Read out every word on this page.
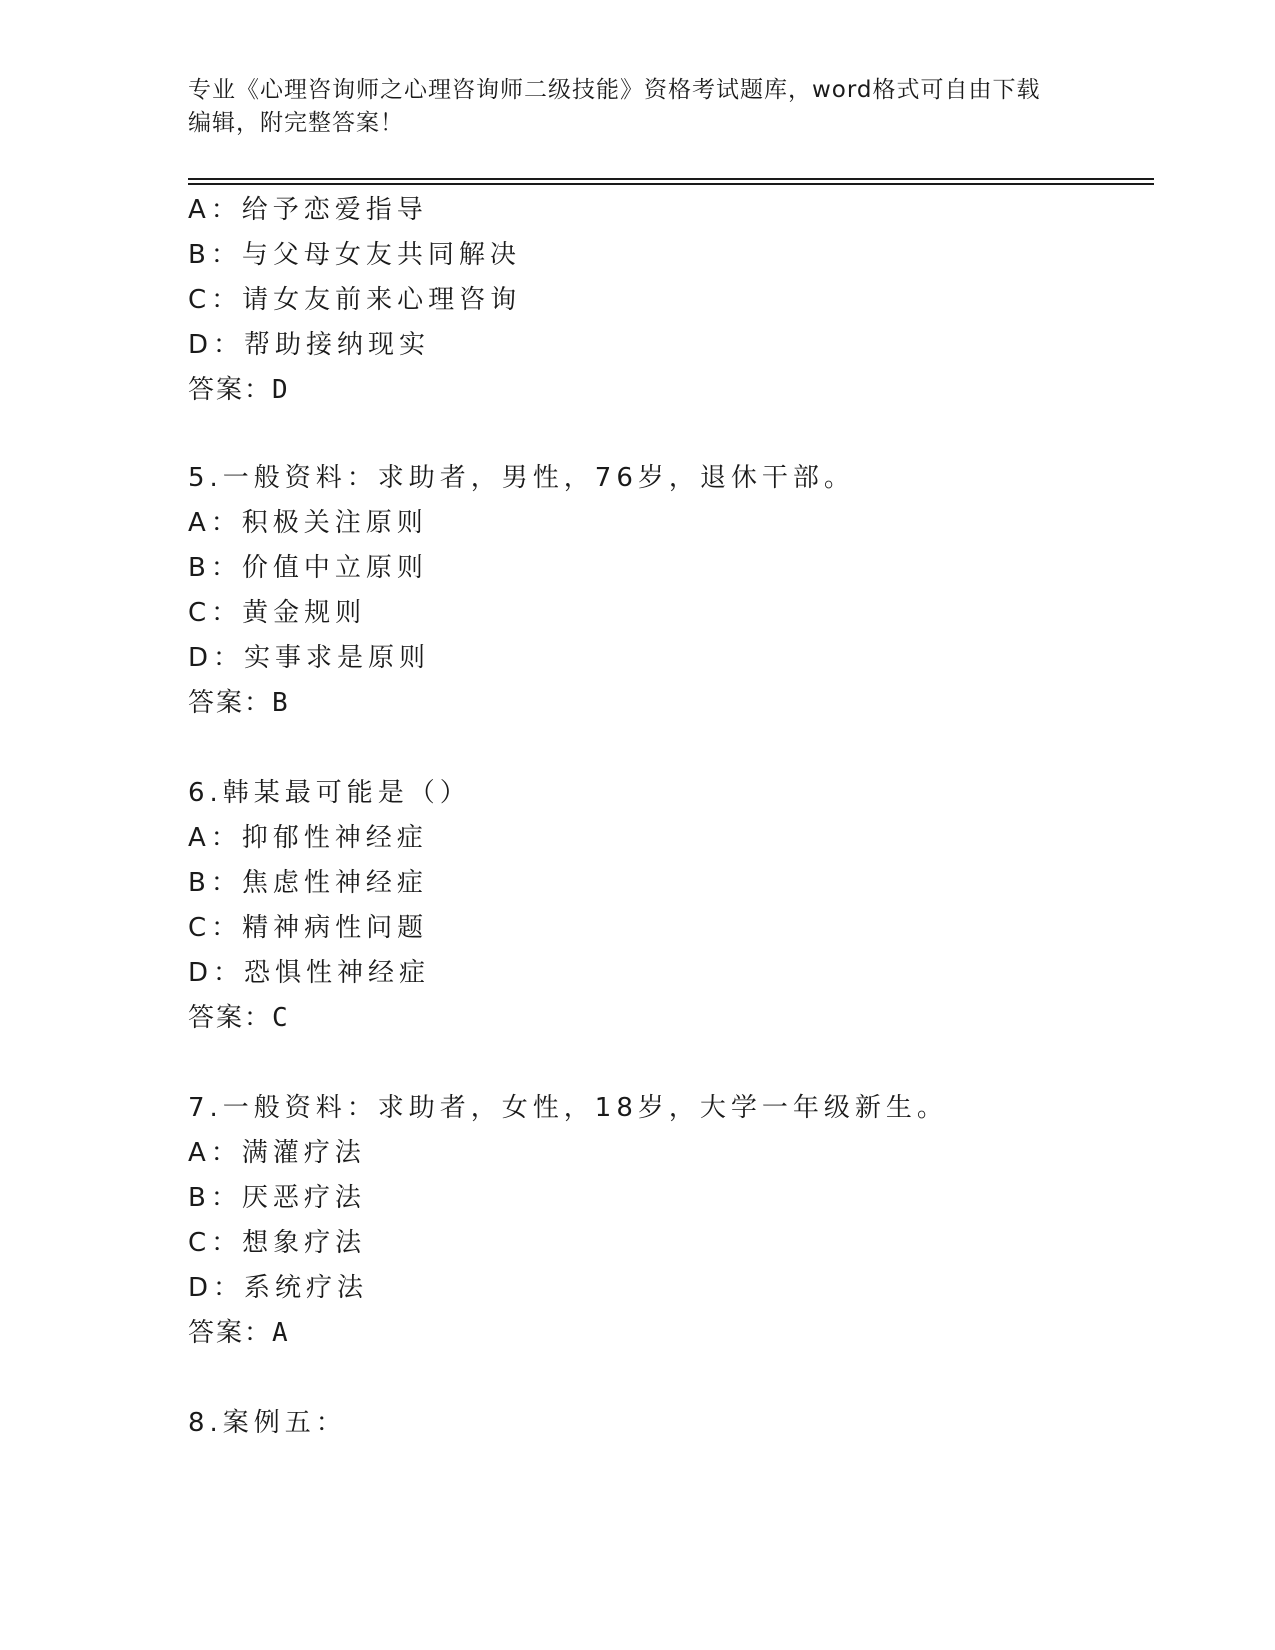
专业《心理咨询师之心理咨询师二级技能》资格考试题库，word格式可自由下载
编辑，附完整答案！
A：给予恋爱指导
B：与父母女友共同解决
C：请女友前来心理咨询
D：帮助接纳现实
答案：D
5.一般资料：求助者，男性，76岁，退休干部。
A：积极关注原则
B：价值中立原则
C：黄金规则
D：实事求是原则
答案：B
6.韩某最可能是（）
A：抑郁性神经症
B：焦虑性神经症
C：精神病性问题
D：恐惧性神经症
答案：C
7.一般资料：求助者，女性，18岁，大学一年级新生。
A：满灌疗法
B：厌恶疗法
C：想象疗法
D：系统疗法
答案：A
8.案例五：
